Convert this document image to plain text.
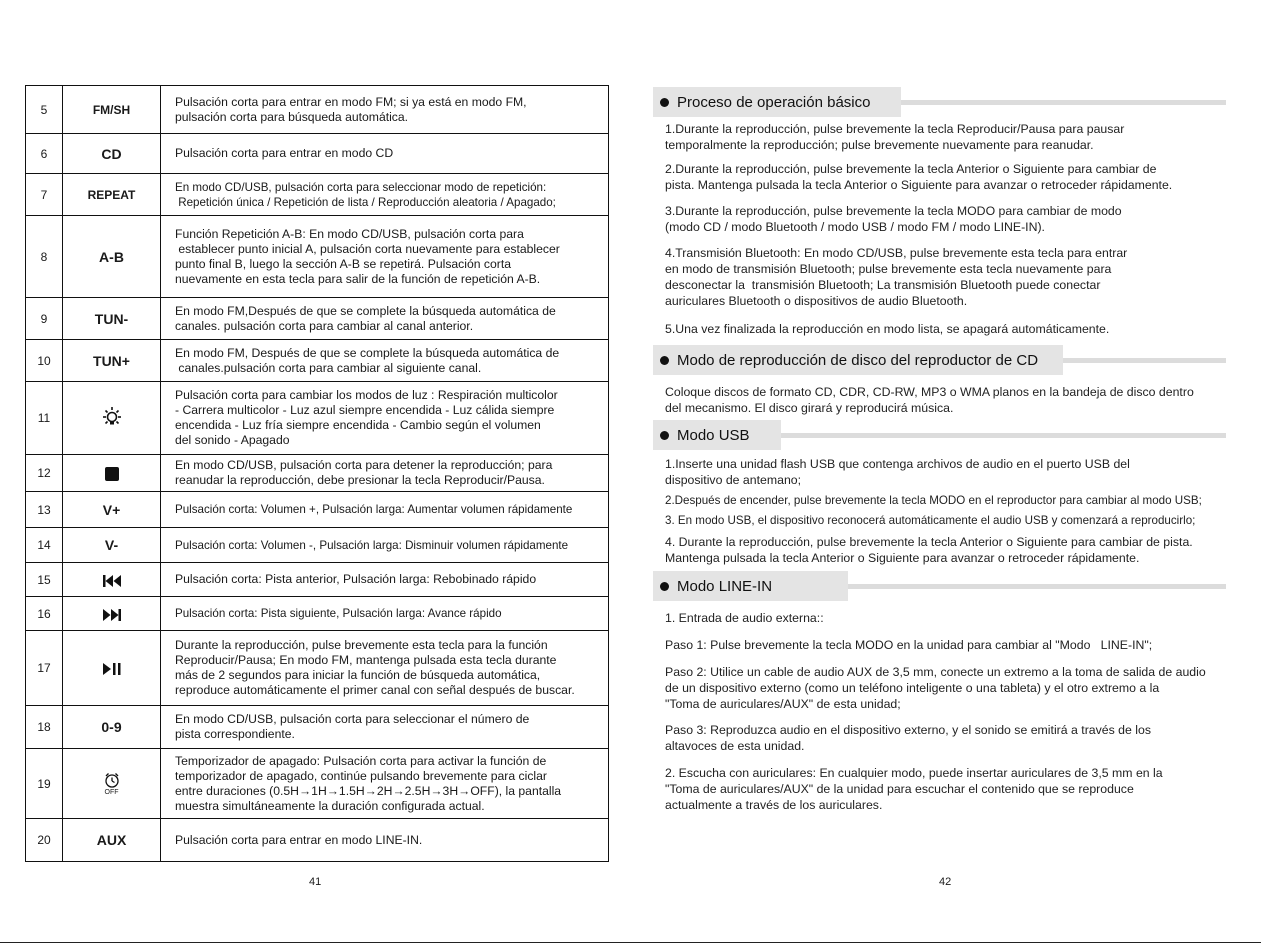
5	FM/SH	Pulsación corta para entrar en modo FM; si ya está en modo FM,
pulsación corta para búsqueda automática.

6	CD	Pulsación corta para entrar en modo CD

7	REPEAT	En modo CD/USB, pulsación corta para seleccionar modo de repetición:
Repetición única / Repetición de lista / Reproducción aleatoria / Apagado;

8	A-B	Función Repetición A-B: En modo CD/USB, pulsación corta para
establecer punto inicial A, pulsación corta nuevamente para establecer
punto final B, luego la sección A-B se repetirá. Pulsación corta
nuevamente en esta tecla para salir de la función de repetición A-B.

9	TUN-	En modo FM,Después de que se complete la búsqueda automática de
canales. pulsación corta para cambiar al canal anterior.

10	TUN+	En modo FM, Después de que se complete la búsqueda automática de
canales.pulsación corta para cambiar al siguiente canal.

11		Pulsación corta para cambiar los modos de luz : Respiración multicolor
- Carrera multicolor - Luz azul siempre encendida - Luz cálida siempre
encendida - Luz fría siempre encendida - Cambio según el volumen
del sonido - Apagado

12		En modo CD/USB, pulsación corta para detener la reproducción; para
reanudar la reproducción, debe presionar la tecla Reproducir/Pausa.

13	V+	Pulsación corta: Volumen +, Pulsación larga: Aumentar volumen rápidamente

14	V-	Pulsación corta: Volumen -, Pulsación larga: Disminuir volumen rápidamente

15		Pulsación corta: Pista anterior, Pulsación larga: Rebobinado rápido

16		Pulsación corta: Pista siguiente, Pulsación larga: Avance rápido

17		Durante la reproducción, pulse brevemente esta tecla para la función
Reproducir/Pausa; En modo FM, mantenga pulsada esta tecla durante
más de 2 segundos para iniciar la función de búsqueda automática,
reproduce automáticamente el primer canal con señal después de buscar.

18	0-9	En modo CD/USB, pulsación corta para seleccionar el número de
pista correspondiente.

19	OFF	Temporizador de apagado: Pulsación corta para activar la función de
temporizador de apagado, continúe pulsando brevemente para ciclar
entre duraciones (0.5H→1H→1.5H→2H→2.5H→3H→OFF), la pantalla
muestra simultáneamente la duración configurada actual.

20	AUX	Pulsación corta para entrar en modo LINE-IN.
41	42
Proceso de operación básico
1.Durante la reproducción, pulse brevemente la tecla Reproducir/Pausa para pausar
temporalmente la reproducción; pulse brevemente nuevamente para reanudar.
2.Durante la reproducción, pulse brevemente la tecla Anterior o Siguiente para cambiar de
pista. Mantenga pulsada la tecla Anterior o Siguiente para avanzar o retroceder rápidamente.
3.Durante la reproducción, pulse brevemente la tecla MODO para cambiar de modo
(modo CD / modo Bluetooth / modo USB / modo FM / modo LINE-IN).
4.Transmisión Bluetooth: En modo CD/USB, pulse brevemente esta tecla para entrar
en modo de transmisión Bluetooth; pulse brevemente esta tecla nuevamente para
desconectar la  transmisión Bluetooth; La transmisión Bluetooth puede conectar
auriculares Bluetooth o dispositivos de audio Bluetooth.
5.Una vez finalizada la reproducción en modo lista, se apagará automáticamente.
Modo de reproducción de disco del reproductor de CD
Coloque discos de formato CD, CDR, CD-RW, MP3 o WMA planos en la bandeja de disco dentro
del mecanismo. El disco girará y reproducirá música.
Modo USB
1.Inserte una unidad flash USB que contenga archivos de audio en el puerto USB del
dispositivo de antemano;
2.Después de encender, pulse brevemente la tecla MODO en el reproductor para cambiar al modo USB;
3. En modo USB, el dispositivo reconocerá automáticamente el audio USB y comenzará a reproducirlo;
4. Durante la reproducción, pulse brevemente la tecla Anterior o Siguiente para cambiar de pista.
Mantenga pulsada la tecla Anterior o Siguiente para avanzar o retroceder rápidamente.
Modo LINE-IN
1. Entrada de audio externa::
Paso 1: Pulse brevemente la tecla MODO en la unidad para cambiar al "Modo   LINE-IN";
Paso 2: Utilice un cable de audio AUX de 3,5 mm, conecte un extremo a la toma de salida de audio
de un dispositivo externo (como un teléfono inteligente o una tableta) y el otro extremo a la
"Toma de auriculares/AUX" de esta unidad;
Paso 3: Reproduzca audio en el dispositivo externo, y el sonido se emitirá a través de los
altavoces de esta unidad.
2. Escucha con auriculares: En cualquier modo, puede insertar auriculares de 3,5 mm en la
"Toma de auriculares/AUX" de la unidad para escuchar el contenido que se reproduce
actualmente a través de los auriculares.
